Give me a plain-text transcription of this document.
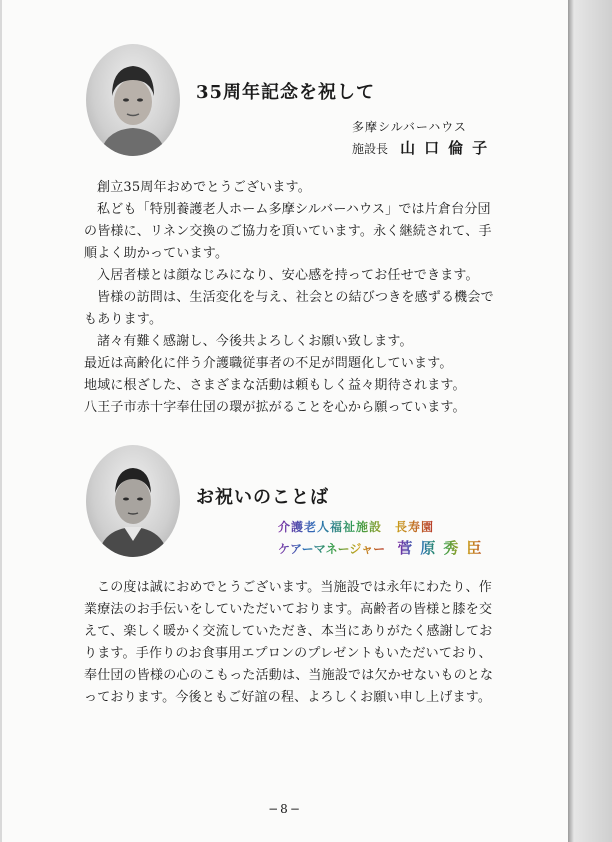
35周年記念を祝して
多摩シルバーハウス
施設長 山口倫子

創立35周年おめでとうございます。

私ども「特別養護老人ホーム多摩シルバーハウス」では片倉台分団

の皆様に、リネン交換のご協力を頂いています。永く継続されて、手

順よく助かっています。

入居者様とは顔なじみになり、安心感を持ってお任せできます。

皆様の訪問は、生活変化を与え、社会との結びつきを感ずる機会で

もあります。

諸々有難く感謝し、今後共よろしくお願い致します。

最近は高齢化に伴う介護職従事者の不足が問題化しています。

地域に根ざした、さまざまな活動は頼もしく益々期待されます。

八王子市赤十字奉仕団の環が拡がることを心から願っています。

お祝いのことば
介護老人福祉施設　長寿園
ケアーマネージャー 菅原秀臣

この度は誠におめでとうございます。当施設では永年にわたり、作

業療法のお手伝いをしていただいております。高齢者の皆様と膝を交

えて、楽しく暖かく交流していただき、本当にありがたく感謝してお

ります。手作りのお食事用エプロンのプレゼントもいただいており、

奉仕団の皆様の心のこもった活動は、当施設では欠かせないものとな

っております。今後ともご好誼の程、よろしくお願い申し上げます。

−8−
